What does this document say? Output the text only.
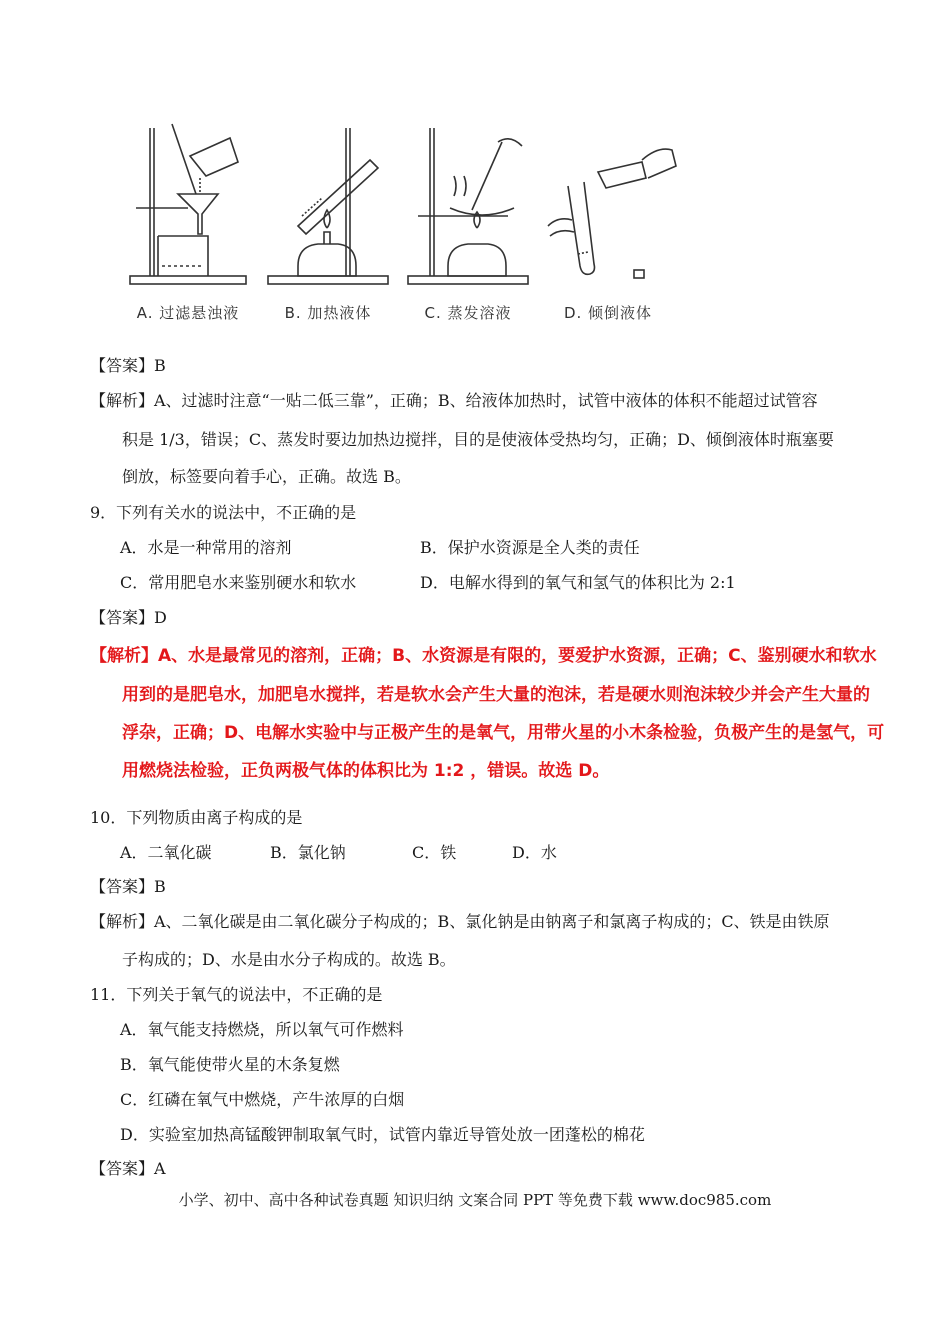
A. 过滤悬浊液	B. 加热液体	C. 蒸发溶液	D. 倾倒液体
【答案】B
【解析】A、过滤时注意“一贴二低三靠”，正确；B、给液体加热时，试管中液体的体积不能超过试管容
积是 1/3，错误；C、蒸发时要边加热边搅拌，目的是使液体受热均匀，正确；D、倾倒液体时瓶塞要
倒放，标签要向着手心，正确。故选 B。
9．下列有关水的说法中，不正确的是
A．水是一种常用的溶剂	B．保护水资源是全人类的责任
C．常用肥皂水来鉴别硬水和软水	D．电解水得到的氧气和氢气的体积比为 2:1
【答案】D
【解析】A、水是最常见的溶剂，正确；B、水资源是有限的，要爱护水资源，正确；C、鉴别硬水和软水
用到的是肥皂水，加肥皂水搅拌，若是软水会产生大量的泡沫，若是硬水则泡沫较少并会产生大量的
浮杂，正确；D、电解水实验中与正极产生的是氧气，用带火星的小木条检验，负极产生的是氢气，可
用燃烧法检验，正负两极气体的体积比为 1:2 ，错误。故选 D。
10．下列物质由离子构成的是
A．二氧化碳	B．氯化钠	C．铁	D．水
【答案】B
【解析】A、二氧化碳是由二氧化碳分子构成的；B、氯化钠是由钠离子和氯离子构成的；C、铁是由铁原
子构成的；D、水是由水分子构成的。故选 B。
11．下列关于氧气的说法中，不正确的是
A．氧气能支持燃烧，所以氧气可作燃料
B．氧气能使带火星的木条复燃
C．红磷在氧气中燃烧，产牛浓厚的白烟
D．实验室加热高锰酸钾制取氧气时，试管内靠近导管处放一团蓬松的棉花
【答案】A
小学、初中、高中各种试卷真题 知识归纳 文案合同 PPT 等免费下载 www.doc985.com
